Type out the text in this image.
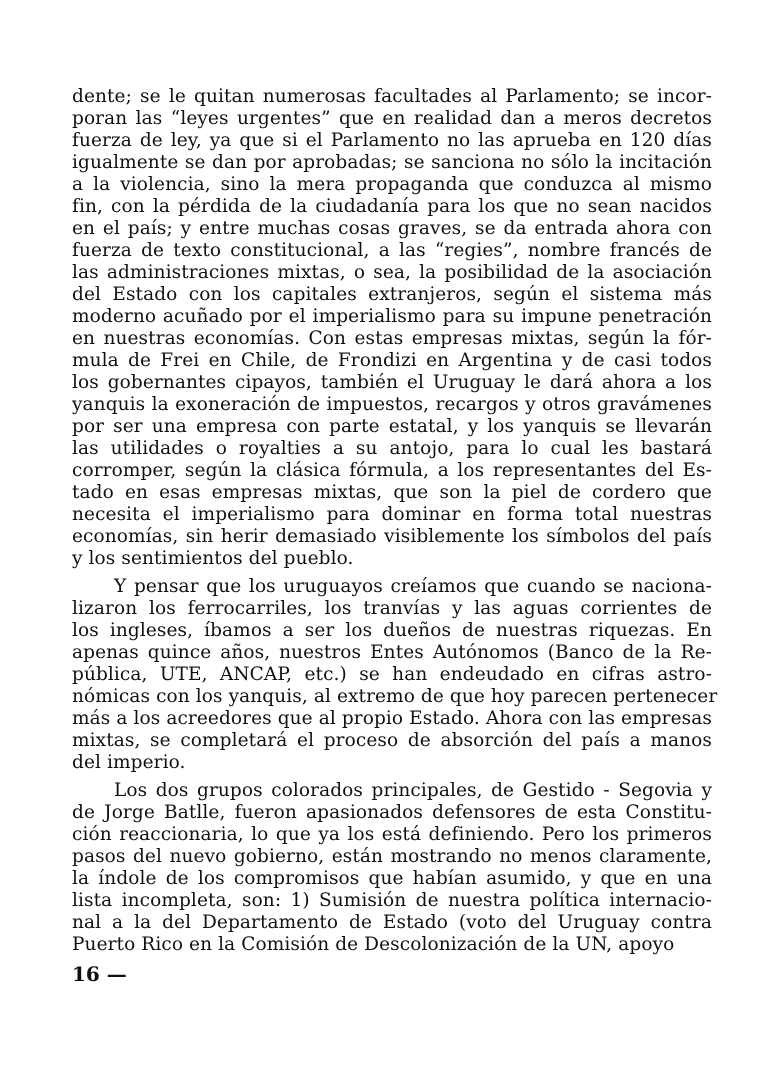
dente; se le quitan numerosas facultades al Parlamento; se incor-
poran las “leyes urgentes” que en realidad dan a meros decretos
fuerza de ley, ya que si el Parlamento no las aprueba en 120 días
igualmente se dan por aprobadas; se sanciona no sólo la incitación
a la violencia, sino la mera propaganda que conduzca al mismo
fin, con la pérdida de la ciudadanía para los que no sean nacidos
en el país; y entre muchas cosas graves, se da entrada ahora con
fuerza de texto constitucional, a las “regies”, nombre francés de
las administraciones mixtas, o sea, la posibilidad de la asociación
del Estado con los capitales extranjeros, según el sistema más
moderno acuñado por el imperialismo para su impune penetración
en nuestras economías. Con estas empresas mixtas, según la fór-
mula de Frei en Chile, de Frondizi en Argentina y de casi todos
los gobernantes cipayos, también el Uruguay le dará ahora a los
yanquis la exoneración de impuestos, recargos y otros gravámenes
por ser una empresa con parte estatal, y los yanquis se llevarán
las utilidades o royalties a su antojo, para lo cual les bastará
corromper, según la clásica fórmula, a los representantes del Es-
tado en esas empresas mixtas, que son la piel de cordero que
necesita el imperialismo para dominar en forma total nuestras
economías, sin herir demasiado visiblemente los símbolos del país
y los sentimientos del pueblo.
Y pensar que los uruguayos creíamos que cuando se naciona-
lizaron los ferrocarriles, los tranvías y las aguas corrientes de
los ingleses, íbamos a ser los dueños de nuestras riquezas. En
apenas quince años, nuestros Entes Autónomos (Banco de la Re-
pública, UTE, ANCAP, etc.) se han endeudado en cifras astro-
nómicas con los yanquis, al extremo de que hoy parecen pertenecer
más a los acreedores que al propio Estado. Ahora con las empresas
mixtas, se completará el proceso de absorción del país a manos
del imperio.
Los dos grupos colorados principales, de Gestido - Segovia y
de Jorge Batlle, fueron apasionados defensores de esta Constitu-
ción reaccionaria, lo que ya los está definiendo. Pero los primeros
pasos del nuevo gobierno, están mostrando no menos claramente,
la índole de los compromisos que habían asumido, y que en una
lista incompleta, son: 1) Sumisión de nuestra política internacio-
nal a la del Departamento de Estado (voto del Uruguay contra
Puerto Rico en la Comisión de Descolonización de la UN, apoyo
16 —
